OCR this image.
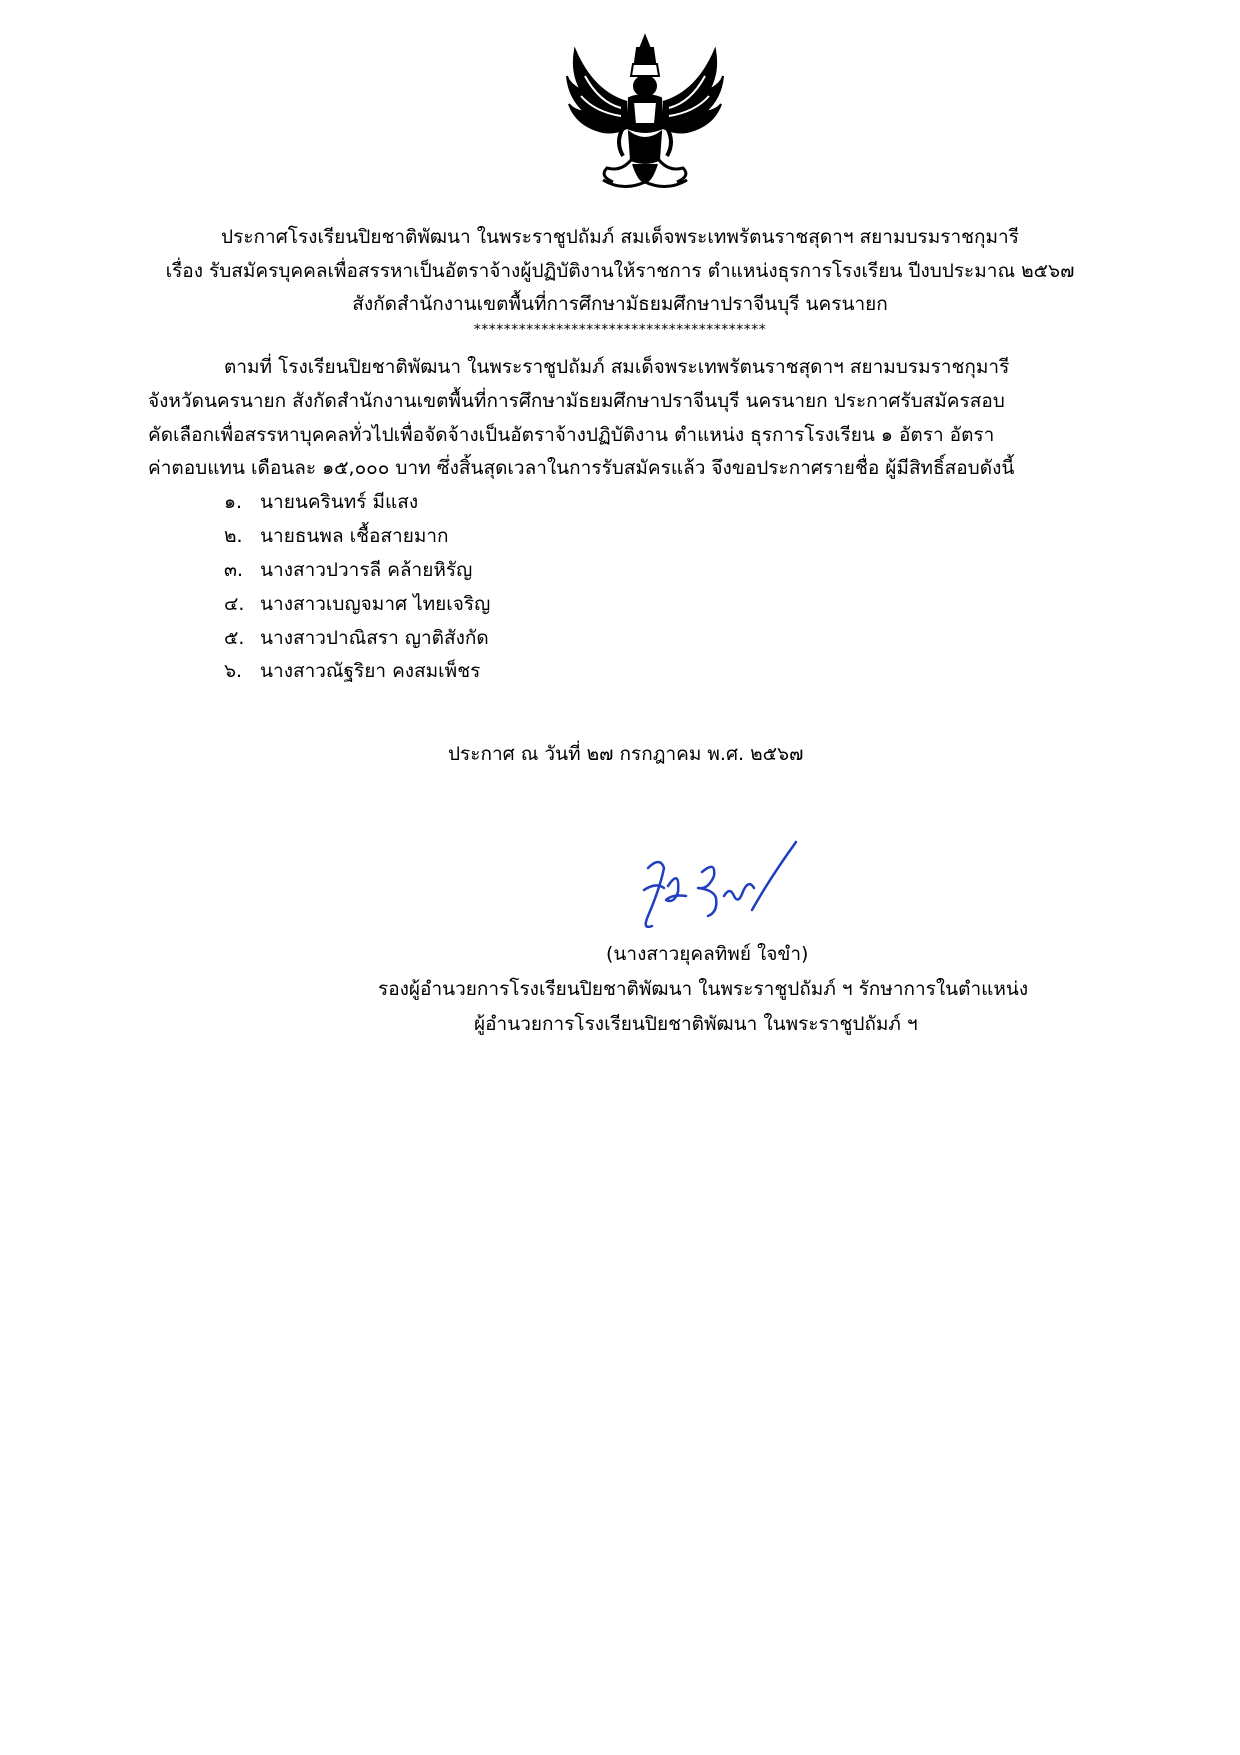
ประกาศโรงเรียนปิยชาติพัฒนา ในพระราชูปถัมภ์ สมเด็จพระเทพรัตนราชสุดาฯ สยามบรมราชกุมารี
เรื่อง รับสมัครบุคคลเพื่อสรรหาเป็นอัตราจ้างผู้ปฏิบัติงานให้ราชการ ตำแหน่งธุรการโรงเรียน ปีงบประมาณ ๒๕๖๗
สังกัดสำนักงานเขตพื้นที่การศึกษามัธยมศึกษาปราจีนบุรี นครนายก
***************************************
ตามที่ โรงเรียนปิยชาติพัฒนา ในพระราชูปถัมภ์ สมเด็จพระเทพรัตนราชสุดาฯ สยามบรมราชกุมารี
จังหวัดนครนายก สังกัดสำนักงานเขตพื้นที่การศึกษามัธยมศึกษาปราจีนบุรี นครนายก ประกาศรับสมัครสอบ
คัดเลือกเพื่อสรรหาบุคคลทั่วไปเพื่อจัดจ้างเป็นอัตราจ้างปฏิบัติงาน ตำแหน่ง ธุรการโรงเรียน ๑ อัตรา อัตรา
ค่าตอบแทน เดือนละ ๑๕,๐๐๐ บาท ซึ่งสิ้นสุดเวลาในการรับสมัครแล้ว จึงขอประกาศรายชื่อ ผู้มีสิทธิ์สอบดังนี้
๑. นายนครินทร์ มีแสง
๒. นายธนพล เชื้อสายมาก
๓. นางสาวปวารลี คล้ายหิรัญ
๔. นางสาวเบญจมาศ ไทยเจริญ
๕. นางสาวปาณิสรา ญาติสังกัด
๖. นางสาวณัฐริยา คงสมเพ็ชร
ประกาศ ณ วันที่ ๒๗ กรกฎาคม พ.ศ. ๒๕๖๗
(นางสาวยุคลทิพย์ ใจขำ)
รองผู้อำนวยการโรงเรียนปิยชาติพัฒนา ในพระราชูปถัมภ์ ฯ รักษาการในตำแหน่ง
ผู้อำนวยการโรงเรียนปิยชาติพัฒนา ในพระราชูปถัมภ์ ฯ
